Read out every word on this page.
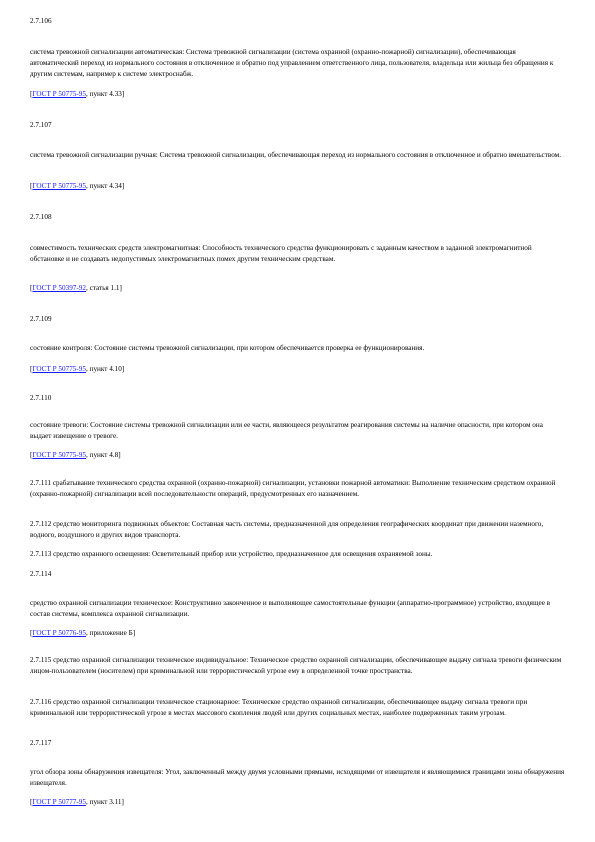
2.7.106
система тревожной сигнализации автоматическая: Система тревожной сигнализации (система охранной (охранно-пожарной) сигнализации), обеспечивающая автоматический переход из нормального состояния в отключенное и обратно под управлением ответственного лица, пользователя, владельца или жильца без обращения к другим системам, например к системе электроснабж.
[ГОСТ Р 50775-95, пункт 4.33]
2.7.107
система тревожной сигнализации ручная: Система тревожной сигнализации, обеспечивающая переход из нормального состояния в отключенное и обратно вмешательством.
[ГОСТ Р 50775-95, пункт 4.34]
2.7.108
совместимость технических средств электромагнитная: Способность технического средства функционировать с заданным качеством в заданной электромагнитной обстановке и не создавать недопустимых электромагнитных помех другим техническим средствам.
[ГОСТ Р 50397-92, статья 1.1]
2.7.109
состояние контроля: Состояние системы тревожной сигнализации, при котором обеспечивается проверка ее функционирования.
[ГОСТ Р 50775-95, пункт 4.10]
2.7.110
состояние тревоги: Состояние системы тревожной сигнализации или ее части, являющееся результатом реагирования системы на наличие опасности, при котором она выдает извещение о тревоге.
[ГОСТ Р 50775-95, пункт 4.8]
2.7.111 срабатывание технического средства охранной (охранно-пожарной) сигнализации, установки пожарной автоматики: Выполнение техническим средством охранной (охранно-пожарной) сигнализации всей последовательности операций, предусмотренных его назначением.
2.7.112 средство мониторинга подвижных объектов: Составная часть системы, предназначенной для определения географических координат при движении наземного, водного, воздушного и других видов транспорта.
2.7.113 средство охранного освещения: Осветительный прибор или устройство, предназначенное для освещения охраняемой зоны.
2.7.114
средство охранной сигнализации техническое: Конструктивно законченное и выполняющее самостоятельные функции (аппаратно-программное) устройство, входящее в состав системы, комплекса охранной сигнализации.
[ГОСТ Р 50776-95, приложение Б]
2.7.115 средство охранной сигнализации техническое индивидуальное: Техническое средство охранной сигнализации, обеспечивающее выдачу сигнала тревоги физическим лицом-пользователем (носителем) при криминальной или террористической угрозе ему в определенной точке пространства.
2.7.116 средство охранной сигнализации техническое стационарное: Техническое средство охранной сигнализации, обеспечивающее выдачу сигнала тревоги при криминальной или террористической угрозе в местах массового скопления людей или других социальных местах, наиболее подверженных таким угрозам.
2.7.117
угол обзора зоны обнаружения извещателя: Угол, заключенный между двумя условными прямыми, исходящими от извещателя и являющимися границами зоны обнаружения извещателя.
[ГОСТ Р 50777-95, пункт 3.11]
